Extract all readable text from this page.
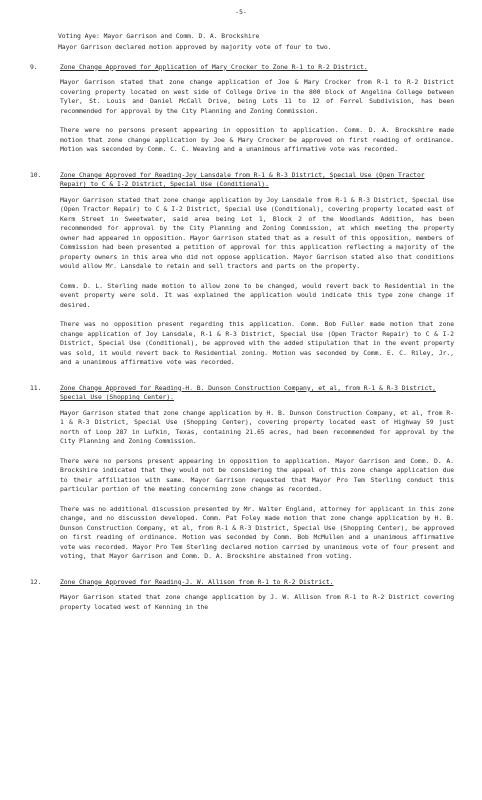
-5-

Voting Aye: Mayor Garrison and Comm. D. A. Brockshire

Mayor Garrison declared motion approved by majority vote of four to two.

9.	Zone Change Approved for Application of Mary Crocker to Zone R-1 to R-2 District.

Mayor Garrison stated that zone change application of Joe & Mary Crocker from R-1 to R-2 District covering property located on west side of College Drive in the 800 block of Angelina College between Tyler, St. Louis and Daniel McCall Drive, being Lots 11 to 12 of Ferrel Subdivision, has been recommended for approval by the City Planning and Zoning Commission.

There were no persons present appearing in opposition to application. Comm. D. A. Brockshire made motion that zone change application by Joe & Mary Crocker be approved on first reading of ordinance. Motion was seconded by Comm. C. C. Weaving and a unanimous affirmative vote was recorded.

10.	Zone Change Approved for Reading-Joy Lansdale from R-1 & R-3 District, Special Use (Open Tractor Repair) to C & I-2 District, Special Use (Conditional).

Mayor Garrison stated that zone change application by Joy Lansdale from R-1 & R-3 District, Special Use (Open Tractor Repair) to C & I-2 District, Special Use (Conditional), covering property located east of Kerm Street in Sweetwater, said area being Lot 1, Block 2 of the Woodlands Addition, has been recommended for approval by the City Planning and Zoning Commission, at which meeting the property owner had appeared in opposition. Mayor Garrison stated that as a result of this opposition, members of Commission had been presented a petition of approval for this application reflecting a majority of the property owners in this area who did not oppose application. Mayor Garrison stated also that conditions would allow Mr. Lansdale to retain and sell tractors and parts on the property.

Comm. D. L. Sterling made motion to allow zone to be changed, would revert back to Residential in the event property were sold. It was explained the application would indicate this type zone change if desired.

There was no opposition present regarding this application. Comm. Bob Fuller made motion that zone change application of Joy Lansdale, R-1 & R-3 District, Special Use (Open Tractor Repair) to C & I-2 District, Special Use (Conditional), be approved with the added stipulation that in the event property was sold, it would revert back to Residential zoning. Motion was seconded by Comm. E. C. Riley, Jr., and a unanimous affirmative vote was recorded.

11.	Zone Change Approved for Reading-H. B. Dunson Construction Company, et al, from R-1 & R-3 District, Special Use (Shopping Center).

Mayor Garrison stated that zone change application by H. B. Dunson Construction Company, et al, from R-1 & R-3 District, Special Use (Shopping Center), covering property located east of Highway 59 just north of Loop 287 in Lufkin, Texas, containing 21.65 acres, had been recommended for approval by the City Planning and Zoning Commission.

There were no persons present appearing in opposition to application. Mayor Garrison and Comm. D. A. Brockshire indicated that they would not be considering the appeal of this zone change application due to their affiliation with same. Mayor Garrison requested that Mayor Pro Tem Sterling conduct this particular portion of the meeting concerning zone change as recorded.

There was no additional discussion presented by Mr. Walter England, attorney for applicant in this zone change, and no discussion developed. Comm. Pat Foley made motion that zone change application by H. B. Dunson Construction Company, et al, from R-1 & R-3 District, Special Use (Shopping Center), be approved on first reading of ordinance. Motion was seconded by Comm. Bob McMullen and a unanimous affirmative vote was recorded. Mayor Pro Tem Sterling declared motion carried by unanimous vote of four present and voting, that Mayor Garrison and Comm. D. A. Brockshire abstained from voting.

12.	Zone Change Approved for Reading-J. W. Allison from R-1 to R-2 District.

Mayor Garrison stated that zone change application by J. W. Allison from R-1 to R-2 District covering property located west of Kenning in the
